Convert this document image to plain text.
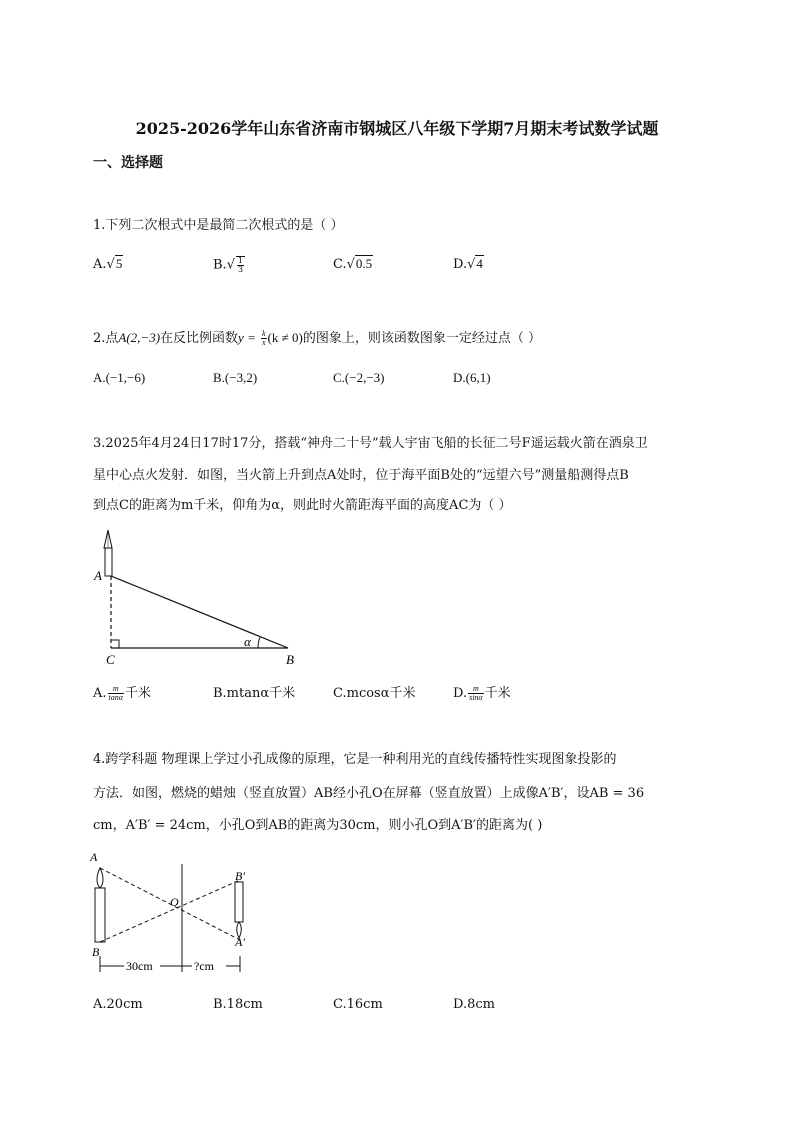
2025-2026学年山东省济南市钢城区八年级下学期7月期末考试数学试题
一、选择题
1.下列二次根式中是最简二次根式的是（ ）
A.√5	$B.√ \frac{1}{3}$	C.√0.5	D.√4
2.点A(2,−3)在反比例函数$y = \frac{k}{x} (k \ne 0)$的图象上，则该函数图象一定经过点（ ）
A.(−1,−6)	B.(−3,2)	C.(−2,−3)	D.(6,1)
3.2025年4月24日17时17分，搭载“神舟二十号”载人宇宙飞船的长征二号F遥运载火箭在酒泉卫
星中心点火发射．如图，当火箭上升到点A处时，位于海平面B处的“远望六号”测量船测得点B
到点C的距离为m千米，仰角为α，则此时火箭距海平面的高度AC为（ ）
A
C	B
α
A. $\frac{m}{\tan\alpha}$ 千米	B.mtanα千米	C.mcosα千米	D. $\frac{m}{\sin\alpha}$ 千米
4.跨学科题 物理课上学过小孔成像的原理，它是一种利用光的直线传播特性实现图象投影的
方法．如图，燃烧的蜡烛（竖直放置）AB经小孔O在屏幕（竖直放置）上成像A′B′，设AB = 36
cm，A′B′ = 24cm，小孔O到AB的距离为30cm，则小孔O到A′B′的距离为( )
A
B
O
B′
A′
30cm	?cm
A.20cm	B.18cm	C.16cm	D.8cm
